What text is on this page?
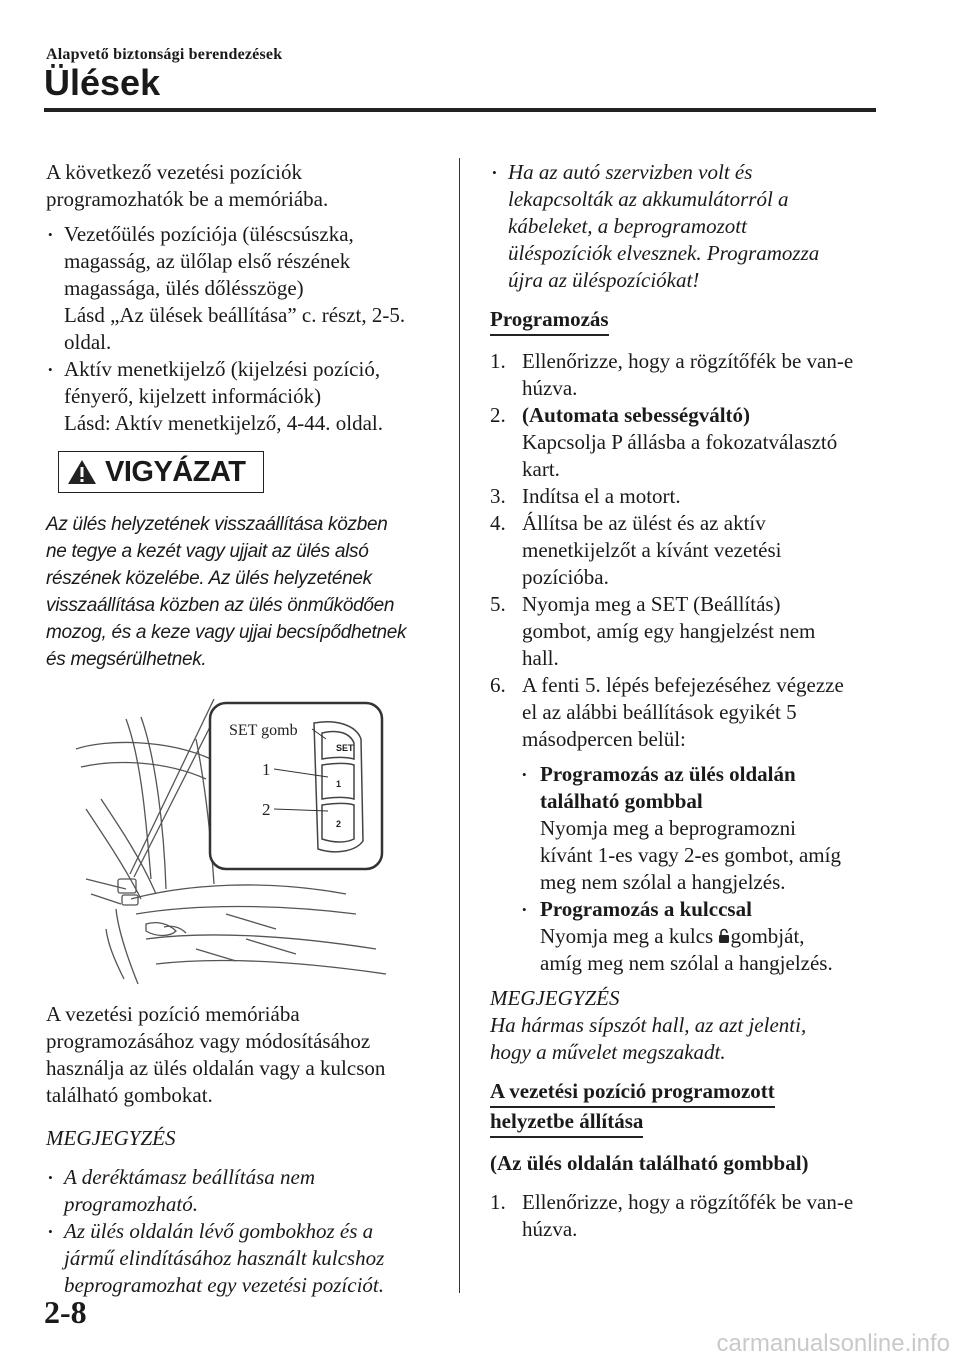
Alapvető biztonsági berendezések
Ülések

A következő vezetési pozíciók

programozhatók be a memóriába.

• Vezetőülés pozíciója (üléscsúszka,

magasság, az ülőlap első részének

magassága, ülés dőlésszöge)

Lásd „Az ülések beállítása” c. részt, 2-5.

oldal.

• Aktív menetkijelző (kijelzési pozíció,

fényerő, kijelzett információk)

Lásd: Aktív menetkijelző, 4-44. oldal.

VIGYÁZAT

Az ülés helyzetének visszaállítása közben

ne tegye a kezét vagy ujjait az ülés alsó

részének közelébe. Az ülés helyzetének

visszaállítása közben az ülés önműködően

mozog, és a keze vagy ujjai becsípődhetnek

és megsérülhetnek.

SET
1
2
SET gomb
1
2

A vezetési pozíció memóriába

programozásához vagy módosításához

használja az ülés oldalán vagy a kulcson

található gombokat.

MEGJEGYZÉS

• A deréktámasz beállítása nem

programozható.

• Az ülés oldalán lévő gombokhoz és a

jármű elindításához használt kulcshoz

beprogramozhat egy vezetési pozíciót.

• Ha az autó szervizben volt és

lekapcsolták az akkumulátorról a

kábeleket, a beprogramozott

üléspozíciók elvesznek. Programozza

újra az üléspozíciókat!

Programozás
1. Ellenőrizze, hogy a rögzítőfék be van-e

húzva.

2. (Automata sebességváltó)

Kapcsolja P állásba a fokozatválasztó

kart.

3. Indítsa el a motort.

4. Állítsa be az ülést és az aktív

menetkijelzőt a kívánt vezetési

pozícióba.

5. Nyomja meg a SET (Beállítás)

gombot, amíg egy hangjelzést nem

hall.

6. A fenti 5. lépés befejezéséhez végezze

el az alábbi beállítások egyikét 5

másodpercen belül:

• Programozás az ülés oldalán

található gombbal

Nyomja meg a beprogramozni

kívánt 1-es vagy 2-es gombot, amíg

meg nem szólal a hangjelzés.

• Programozás a kulccsal

Nyomja meg a kulcs gombját,

amíg meg nem szólal a hangjelzés.

MEGJEGYZÉS

Ha hármas sípszót hall, az azt jelenti,

hogy a művelet megszakadt.

A vezetési pozíció programozott
helyzetbe állítása

(Az ülés oldalán található gombbal)

1. Ellenőrizze, hogy a rögzítőfék be van-e

húzva.

2-8
carmanualsonline.info
